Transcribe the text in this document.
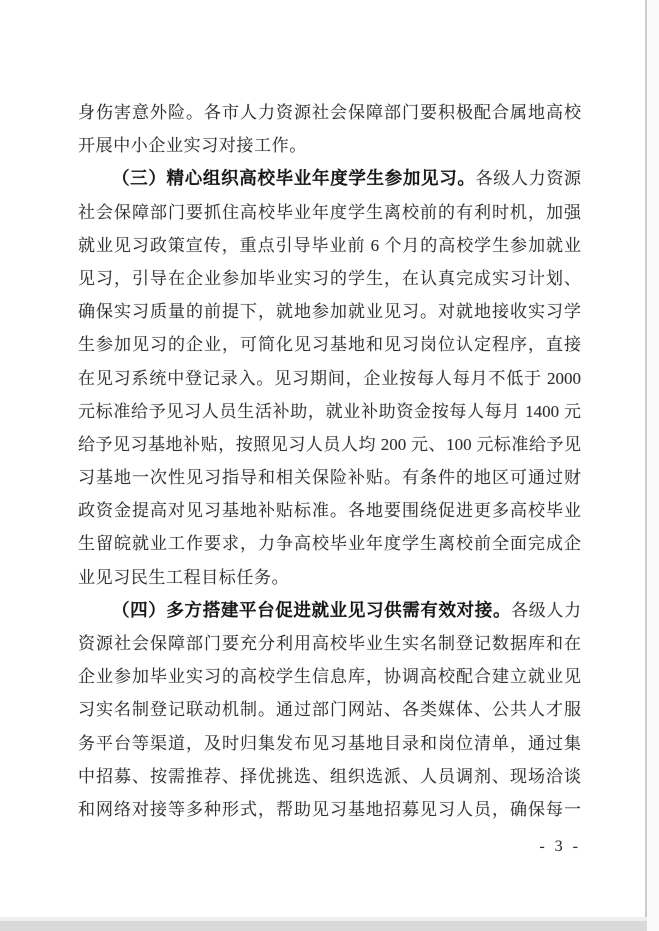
身伤害意外险。各市人力资源社会保障部门要积极配合属地高校
开展中小企业实习对接工作。
（三）精心组织高校毕业年度学生参加见习。各级人力资源
社会保障部门要抓住高校毕业年度学生离校前的有利时机，加强
就业见习政策宣传，重点引导毕业前 6 个月的高校学生参加就业
见习，引导在企业参加毕业实习的学生，在认真完成实习计划、
确保实习质量的前提下，就地参加就业见习。对就地接收实习学
生参加见习的企业，可简化见习基地和见习岗位认定程序，直接
在见习系统中登记录入。见习期间，企业按每人每月不低于 2000
元标准给予见习人员生活补助，就业补助资金按每人每月 1400 元
给予见习基地补贴，按照见习人员人均 200 元、100 元标准给予见
习基地一次性见习指导和相关保险补贴。有条件的地区可通过财
政资金提高对见习基地补贴标准。各地要围绕促进更多高校毕业
生留皖就业工作要求，力争高校毕业年度学生离校前全面完成企
业见习民生工程目标任务。
（四）多方搭建平台促进就业见习供需有效对接。各级人力
资源社会保障部门要充分利用高校毕业生实名制登记数据库和在
企业参加毕业实习的高校学生信息库，协调高校配合建立就业见
习实名制登记联动机制。通过部门网站、各类媒体、公共人才服
务平台等渠道，及时归集发布见习基地目录和岗位清单，通过集
中招募、按需推荐、择优挑选、组织选派、人员调剂、现场洽谈
和网络对接等多种形式，帮助见习基地招募见习人员，确保每一
- 3 -
